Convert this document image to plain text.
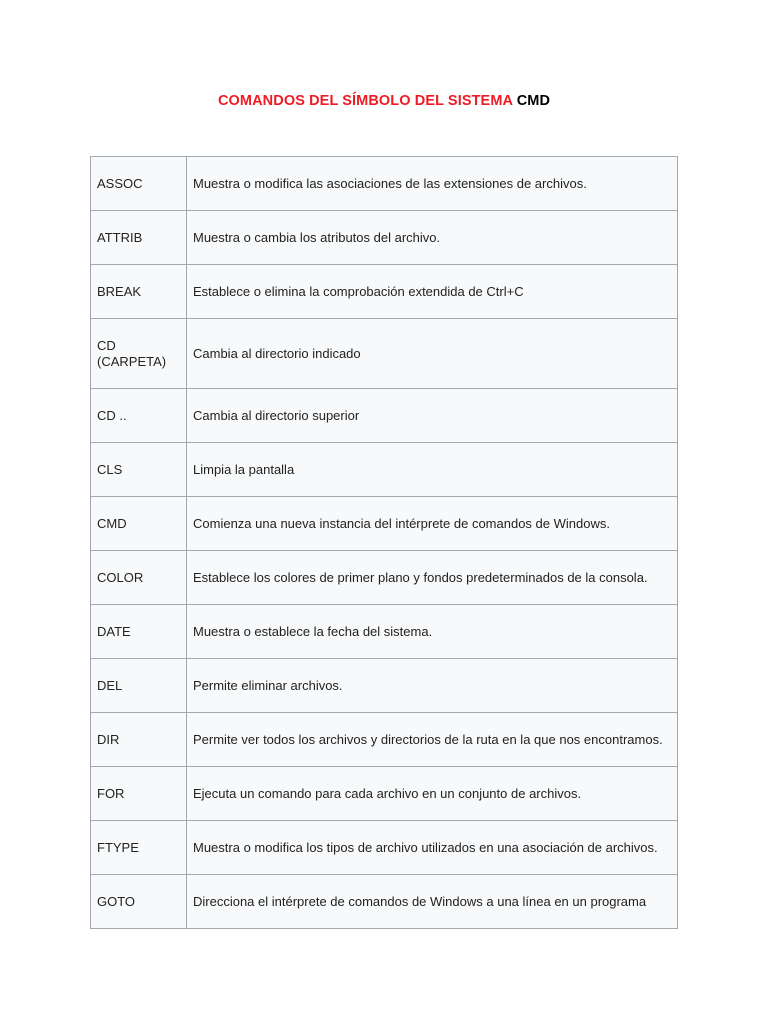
COMANDOS DEL SÍMBOLO DEL SISTEMA CMD
ASSOC	Muestra o modifica las asociaciones de las extensiones de archivos.
ATTRIB	Muestra o cambia los atributos del archivo.
BREAK	Establece o elimina la comprobación extendida de Ctrl+C
CD (CARPETA)	Cambia al directorio indicado
CD ..	Cambia al directorio superior
CLS	Limpia la pantalla
CMD	Comienza una nueva instancia del intérprete de comandos de Windows.
COLOR	Establece los colores de primer plano y fondos predeterminados de la consola.
DATE	Muestra o establece la fecha del sistema.
DEL	Permite eliminar archivos.
DIR	Permite ver todos los archivos y directorios de la ruta en la que nos encontramos.
FOR	Ejecuta un comando para cada archivo en un conjunto de archivos.
FTYPE	Muestra o modifica los tipos de archivo utilizados en una asociación de archivos.
GOTO	Direcciona el intérprete de comandos de Windows a una línea en un programa
